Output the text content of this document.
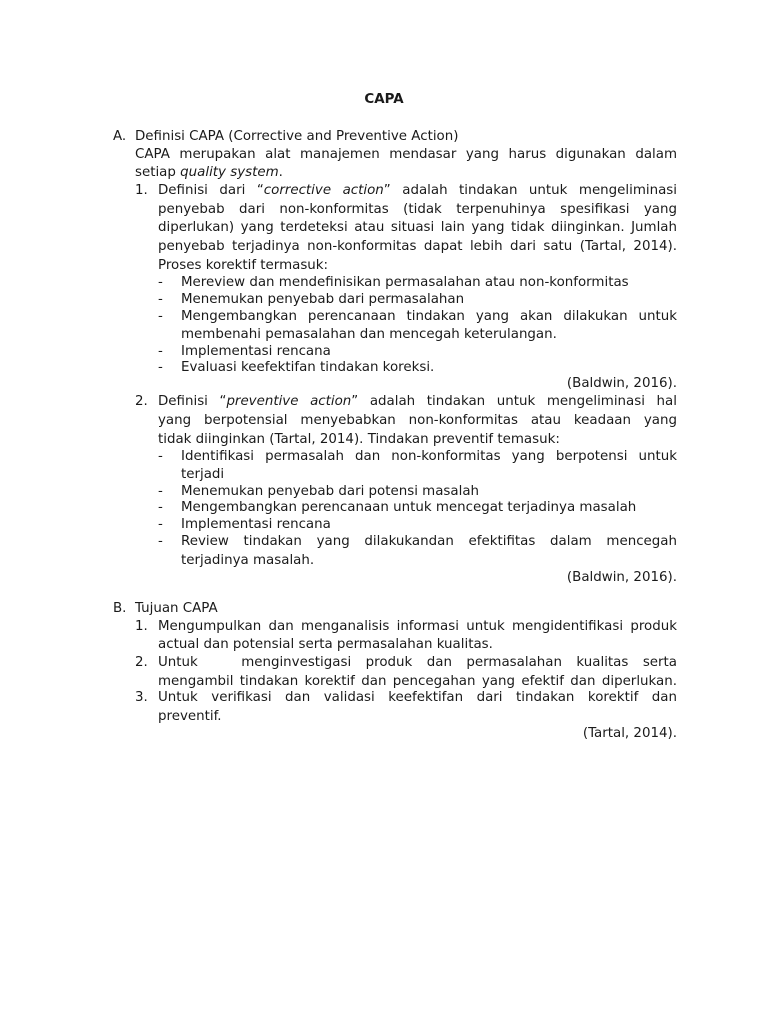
CAPA
A. Definisi CAPA (Corrective and Preventive Action)
CAPA merupakan alat manajemen mendasar yang harus digunakan dalam
setiap quality system.
1. Definisi dari “corrective action” adalah tindakan untuk mengeliminasi
penyebab dari non-konformitas (tidak terpenuhinya spesifikasi yang
diperlukan) yang terdeteksi atau situasi lain yang tidak diinginkan. Jumlah
penyebab terjadinya non-konformitas dapat lebih dari satu (Tartal, 2014).
Proses korektif termasuk:
- Mereview dan mendefinisikan permasalahan atau non-konformitas
- Menemukan penyebab dari permasalahan
- Mengembangkan perencanaan tindakan yang akan dilakukan untuk
membenahi pemasalahan dan mencegah keterulangan.
- Implementasi rencana
- Evaluasi keefektifan tindakan koreksi.
(Baldwin, 2016).
2. Definisi “preventive action” adalah tindakan untuk mengeliminasi hal
yang berpotensial menyebabkan non-konformitas atau keadaan yang
tidak diinginkan (Tartal, 2014). Tindakan preventif temasuk:
- Identifikasi permasalah dan non-konformitas yang berpotensi untuk
terjadi
- Menemukan penyebab dari potensi masalah
- Mengembangkan perencanaan untuk mencegat terjadinya masalah
- Implementasi rencana
- Review tindakan yang dilakukandan efektifitas dalam mencegah
terjadinya masalah.
(Baldwin, 2016).
B. Tujuan CAPA
1. Mengumpulkan dan menganalisis informasi untuk mengidentifikasi produk
actual dan potensial serta permasalahan kualitas.
2. Untuk   menginvestigasi produk dan permasalahan kualitas serta
mengambil tindakan korektif dan pencegahan yang efektif dan diperlukan.
3. Untuk verifikasi dan validasi keefektifan dari tindakan korektif dan
preventif.
(Tartal, 2014).
